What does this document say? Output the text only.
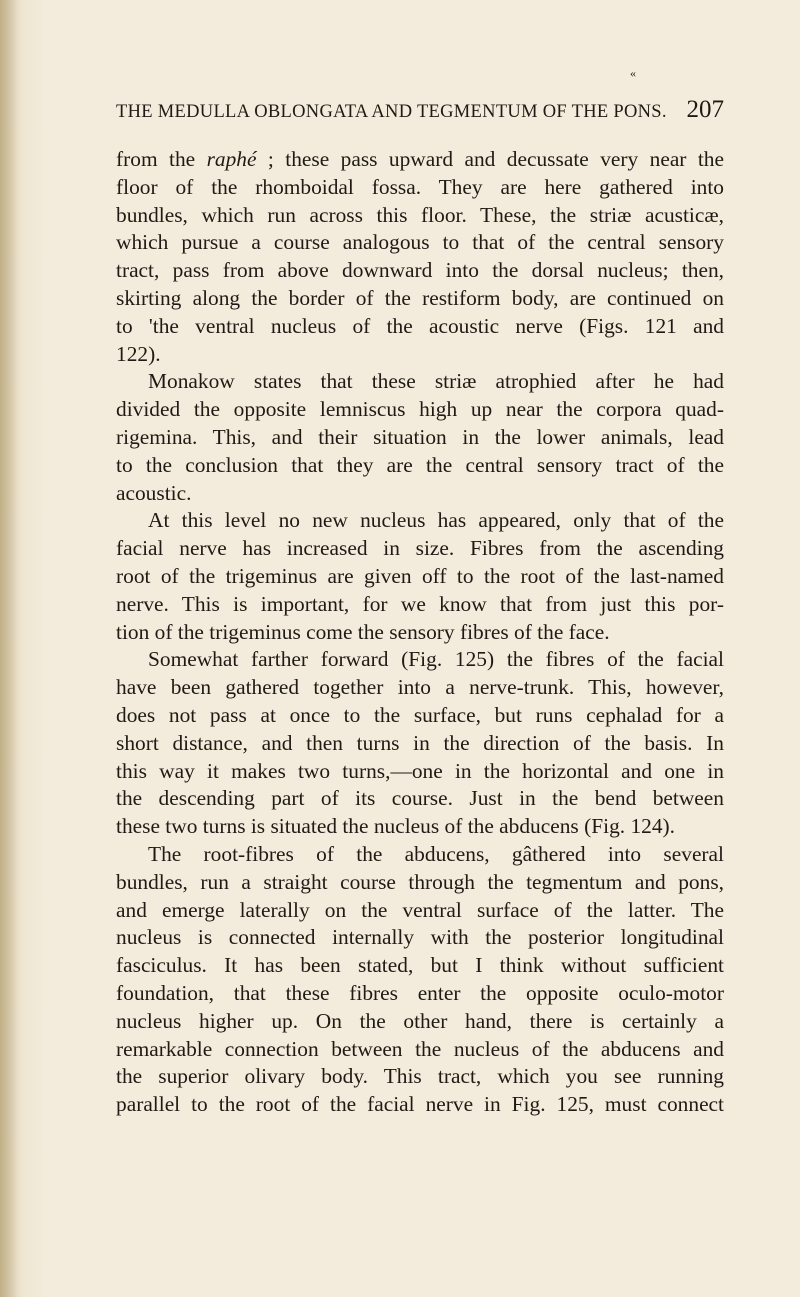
«
THE MEDULLA OBLONGATA AND TEGMENTUM OF THE PONS. 207
from the raphé ; these pass upward and decussate very near the
floor of the rhomboidal fossa. They are here gathered into
bundles, which run across this floor. These, the striæ acusticæ,
which pursue a course analogous to that of the central sensory
tract, pass from above downward into the dorsal nucleus; then,
skirting along the border of the restiform body, are continued on
to 'the ventral nucleus of the acoustic nerve (Figs. 121 and
122).
Monakow states that these striæ atrophied after he had
divided the opposite lemniscus high up near the corpora quad-
rigemina. This, and their situation in the lower animals, lead
to the conclusion that they are the central sensory tract of the
acoustic.
At this level no new nucleus has appeared, only that of the
facial nerve has increased in size. Fibres from the ascending
root of the trigeminus are given off to the root of the last-named
nerve. This is important, for we know that from just this por-
tion of the trigeminus come the sensory fibres of the face.
Somewhat farther forward (Fig. 125) the fibres of the facial
have been gathered together into a nerve-trunk. This, however,
does not pass at once to the surface, but runs cephalad for a
short distance, and then turns in the direction of the basis. In
this way it makes two turns,—one in the horizontal and one in
the descending part of its course. Just in the bend between
these two turns is situated the nucleus of the abducens (Fig. 124).
The root-fibres of the abducens, gâthered into several
bundles, run a straight course through the tegmentum and pons,
and emerge laterally on the ventral surface of the latter. The
nucleus is connected internally with the posterior longitudinal
fasciculus. It has been stated, but I think without sufficient
foundation, that these fibres enter the opposite oculo-motor
nucleus higher up. On the other hand, there is certainly a
remarkable connection between the nucleus of the abducens and
the superior olivary body. This tract, which you see running
parallel to the root of the facial nerve in Fig. 125, must connect
